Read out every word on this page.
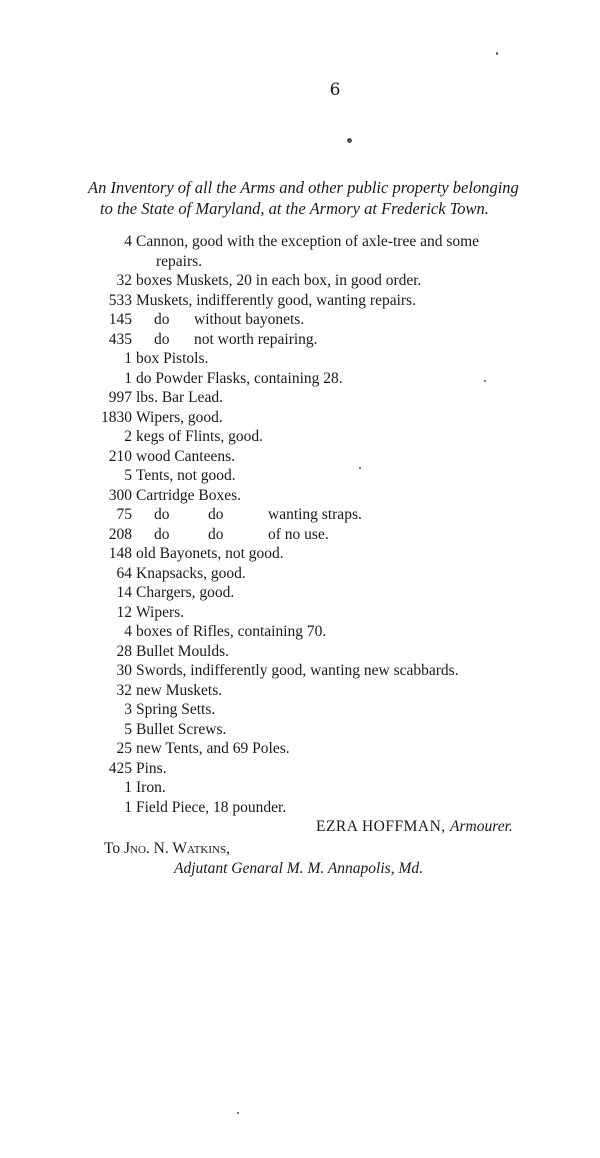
6
An Inventory of all the Arms and other public property belonging
to the State of Maryland, at the Armory at Frederick Town.
4 Cannon, good with the exception of axle-tree and some
repairs.
32 boxes Muskets, 20 in each box, in good order.
533 Muskets, indifferently good, wanting repairs.
145 do without bayonets.
435 do not worth repairing.
1 box Pistols.
1 do Powder Flasks, containing 28.
997 lbs. Bar Lead.
1830 Wipers, good.
2 kegs of Flints, good.
210 wood Canteens.
5 Tents, not good.
300 Cartridge Boxes.
75 do do	wanting straps.
208 do do	of no use.
148 old Bayonets, not good.
64 Knapsacks, good.
14 Chargers, good.
12 Wipers.
4 boxes of Rifles, containing 70.
28 Bullet Moulds.
30 Swords, indifferently good, wanting new scabbards.
32 new Muskets.
3 Spring Setts.
5 Bullet Screws.
25 new Tents, and 69 Poles.
425 Pins.
1 Iron.
1 Field Piece, 18 pounder.
EZRA HOFFMAN, Armourer.
To Jno. N. Watkins,
Adjutant Genaral M. M. Annapolis, Md.
